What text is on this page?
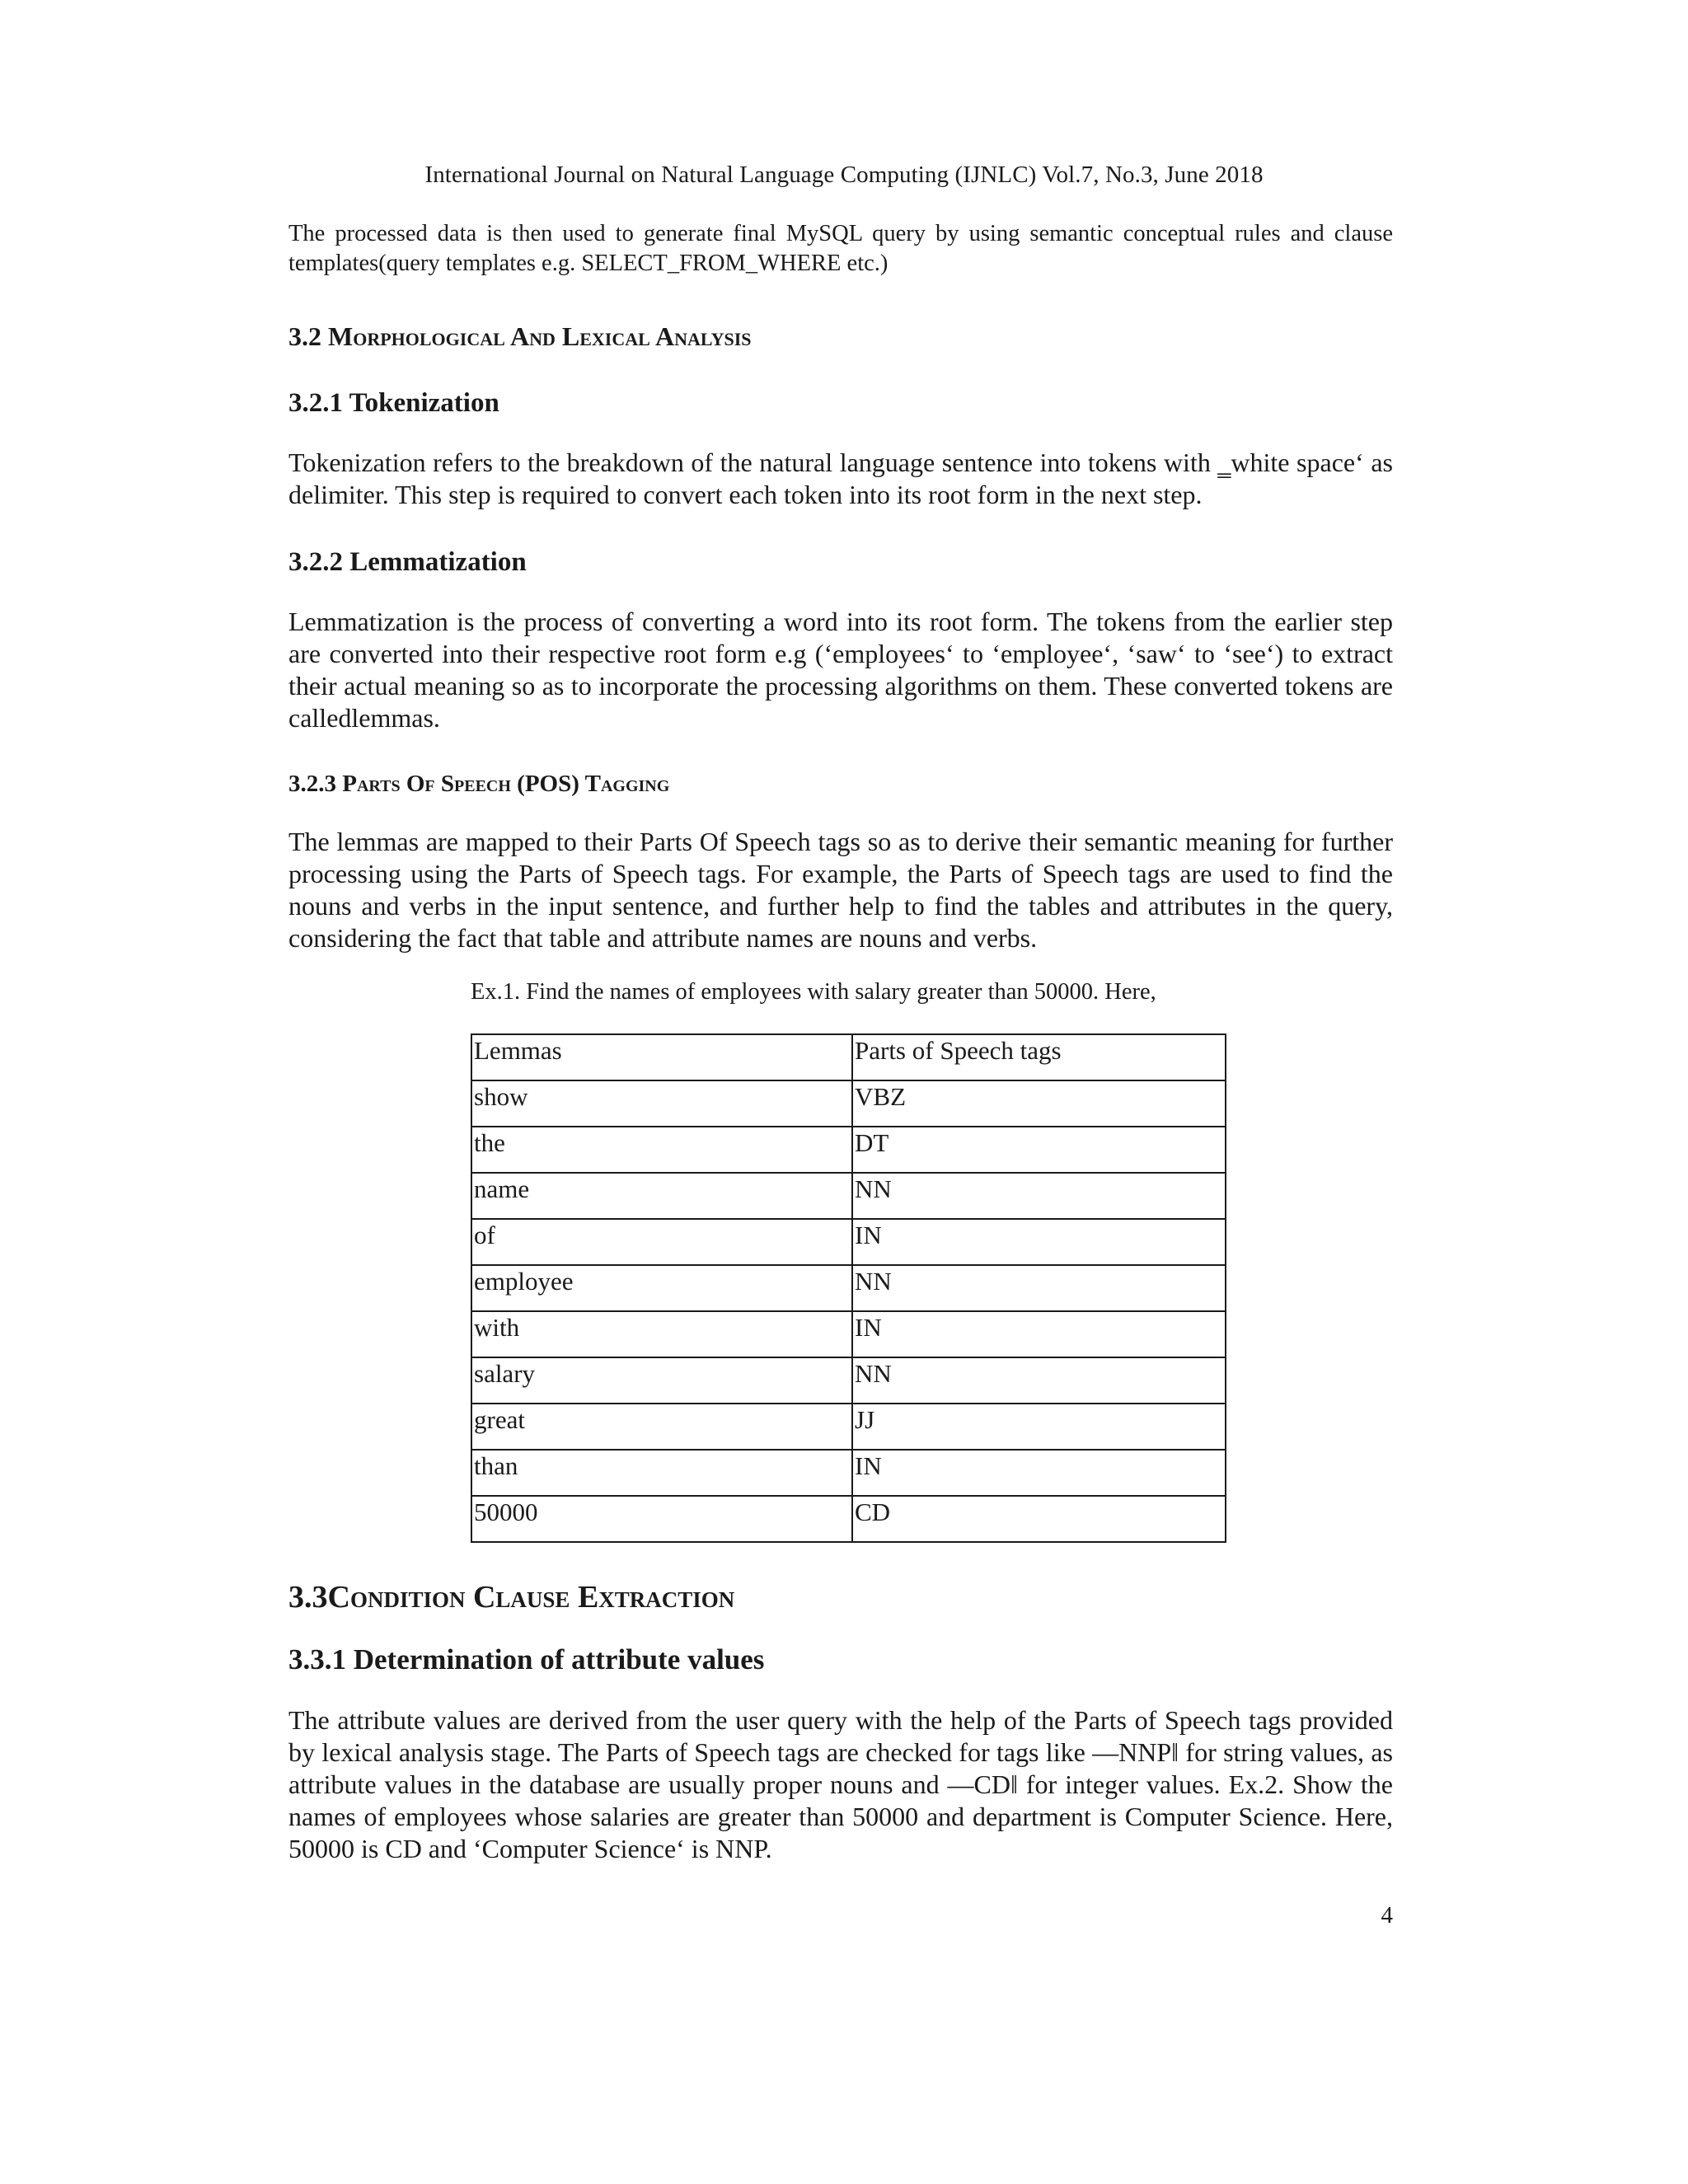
International Journal on Natural Language Computing (IJNLC) Vol.7, No.3, June 2018

The processed data is then used to generate final MySQL query by using semantic conceptual rules and clause templates(query templates e.g. SELECT_FROM_WHERE etc.)

3.2 Morphological And Lexical Analysis
3.2.1 Tokenization

Tokenization refers to the breakdown of the natural language sentence into tokens with ‗white space‘ as delimiter. This step is required to convert each token into its root form in the next step.

3.2.2 Lemmatization

Lemmatization is the process of converting a word into its root form. The tokens from the earlier step are converted into their respective root form e.g (‘employees‘ to ‘employee‘, ‘saw‘ to ‘see‘) to extract their actual meaning so as to incorporate the processing algorithms on them. These converted tokens are calledlemmas.

3.2.3 Parts Of Speech (POS) Tagging

The lemmas are mapped to their Parts Of Speech tags so as to derive their semantic meaning for further processing using the Parts of Speech tags. For example, the Parts of Speech tags are used to find the nouns and verbs in the input sentence, and further help to find the tables and attributes in the query, considering the fact that table and attribute names are nouns and verbs.

Ex.1. Find the names of employees with salary greater than 50000. Here,
Lemmas	Parts of Speech tags
show	VBZ
the	DT
name	NN
of	IN
employee	NN
with	IN
salary	NN
great	JJ
than	IN
50000	CD
3.3Condition Clause Extraction
3.3.1 Determination of attribute values

The attribute values are derived from the user query with the help of the Parts of Speech tags provided by lexical analysis stage. The Parts of Speech tags are checked for tags like ―NNP‖ for string values, as attribute values in the database are usually proper nouns and ―CD‖ for integer values. Ex.2. Show the names of employees whose salaries are greater than 50000 and department is Computer Science. Here, 50000 is CD and ‘Computer Science‘ is NNP.

4
